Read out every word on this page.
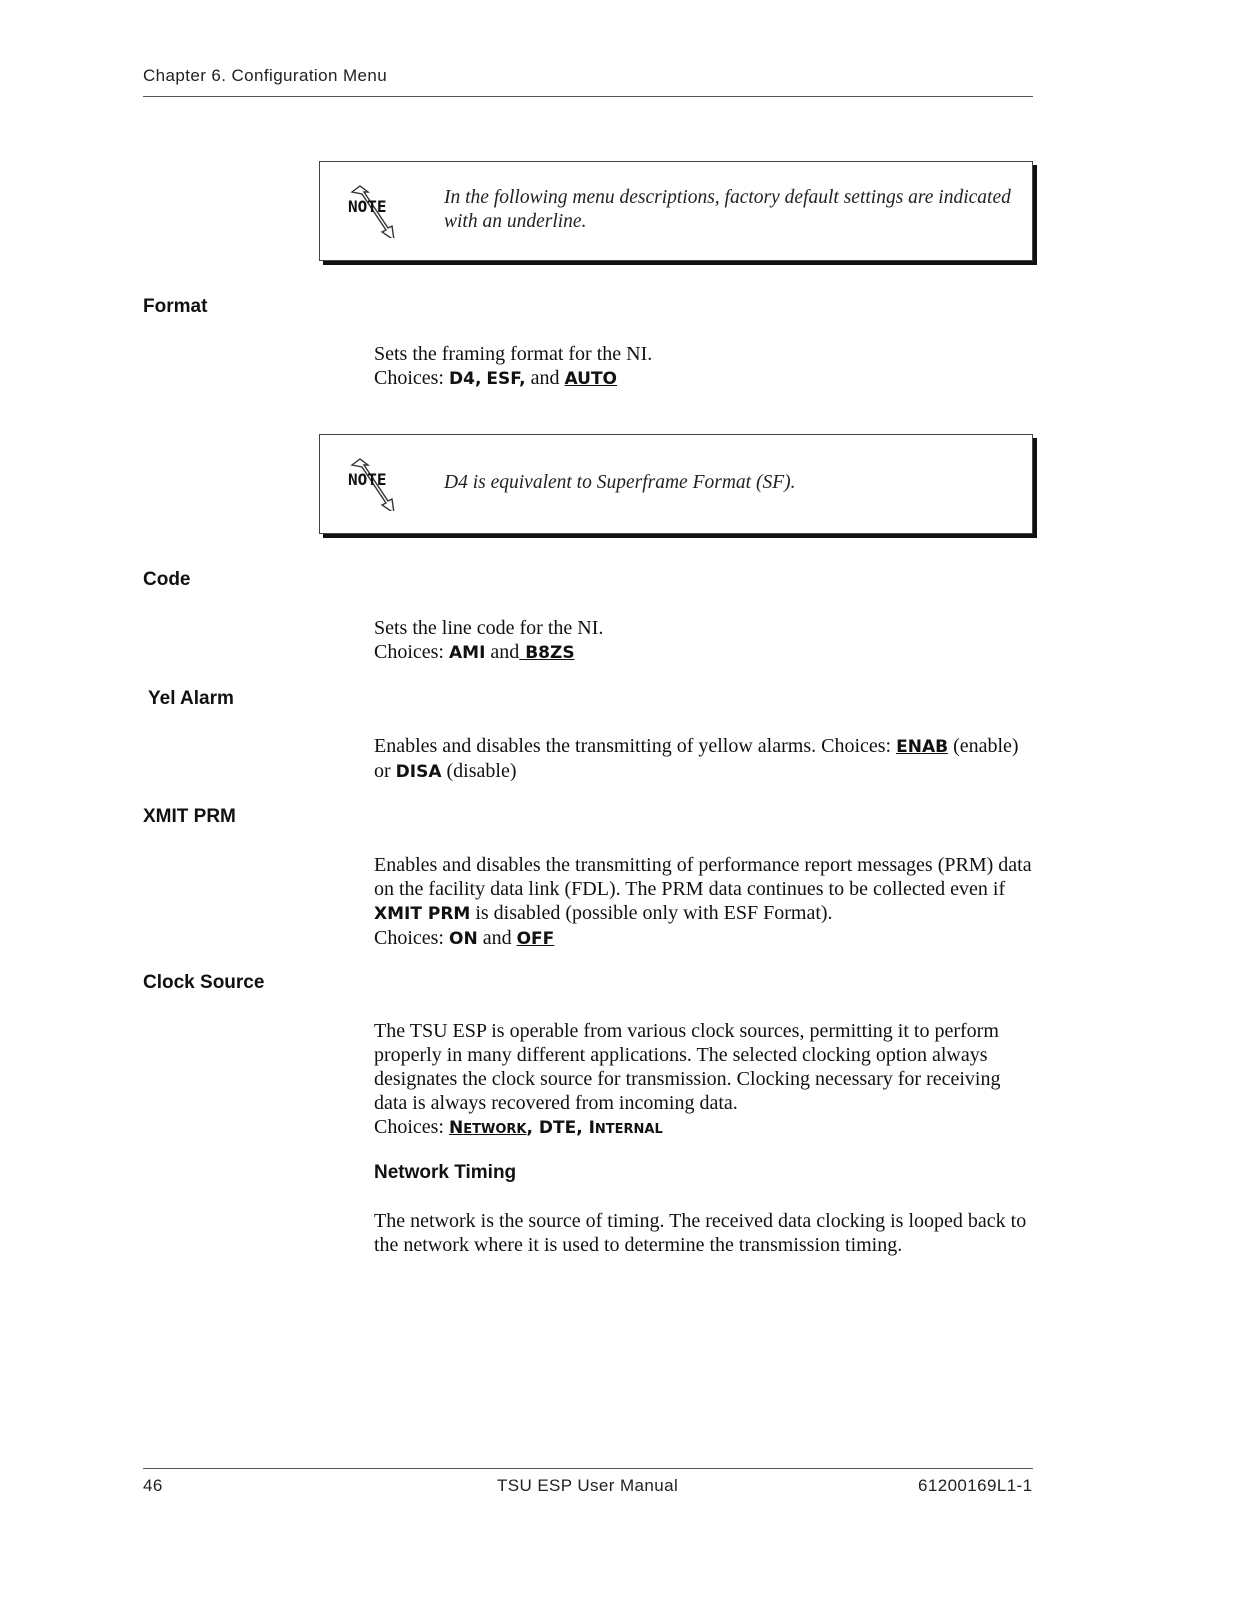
Chapter 6. Configuration Menu
NOTE	In the following menu descriptions, factory default settings are indicated with an underline.
Format
Sets the framing format for the NI.
Choices: D4, ESF, and AUTO
NOTE	D4 is equivalent to Superframe Format (SF).
Code
Sets the line code for the NI.
Choices: AMI and B8ZS
Yel Alarm
Enables and disables the transmitting of yellow alarms. Choices: ENAB (enable) or DISA (disable)
XMIT PRM
Enables and disables the transmitting of performance report messages (PRM) data on the facility data link (FDL). The PRM data continues to be collected even if XMIT PRM is disabled (possible only with ESF Format).
Choices: ON and OFF
Clock Source
The TSU ESP is operable from various clock sources, permitting it to perform properly in many different applications. The selected clocking option always designates the clock source for transmission. Clocking necessary for receiving data is always recovered from incoming data.
Choices: NETWORK, DTE, INTERNAL
Network Timing
The network is the source of timing. The received data clocking is looped back to the network where it is used to determine the transmission timing.
46	TSU ESP User Manual	61200169L1-1
